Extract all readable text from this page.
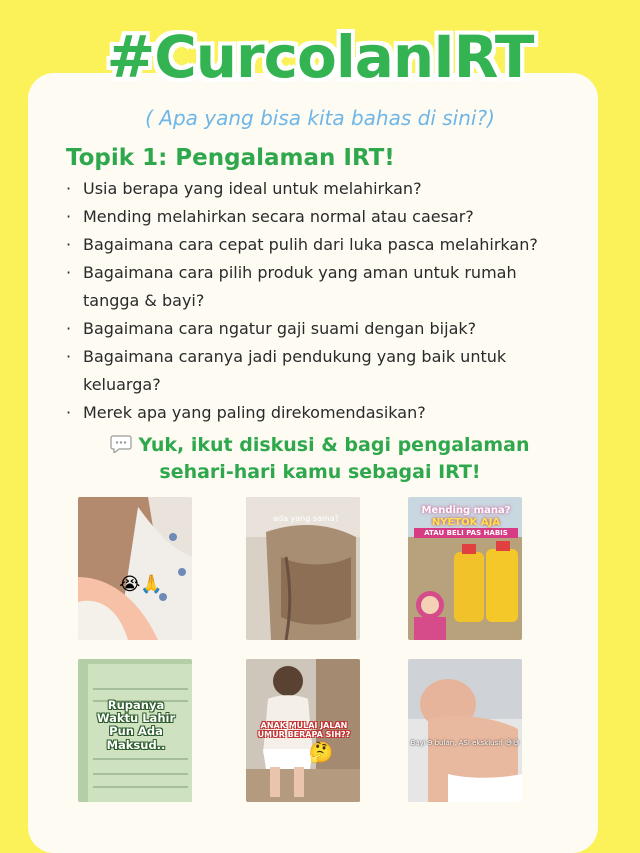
#CurcolanIRT
( Apa yang bisa kita bahas di sini?)
Topik 1: Pengalaman IRT!
· Usia berapa yang ideal untuk melahirkan?
· Mending melahirkan secara normal atau caesar?
· Bagaimana cara cepat pulih dari luka pasca melahirkan?
· Bagaimana cara pilih produk yang aman untuk rumah tangga & bayi?
· Bagaimana cara ngatur gaji suami dengan bijak?
· Bagaimana caranya jadi pendukung yang baik untuk keluarga?
· Merek apa yang paling direkomendasikan?
Yuk, ikut diskusi & bagi pengalaman
sehari-hari kamu sebagai IRT!
😭🙏
ada yang sama?
Mending mana?
NYETOK AJA
ATAU BELI PAS HABIS
Rupanya
Waktu Lahir
Pun Ada
Maksud..
ANAK MULAI JALAN
UMUR BERAPA SIH??
🤔	Bayi 9 bulan, ASI eksklusif 😅😅
